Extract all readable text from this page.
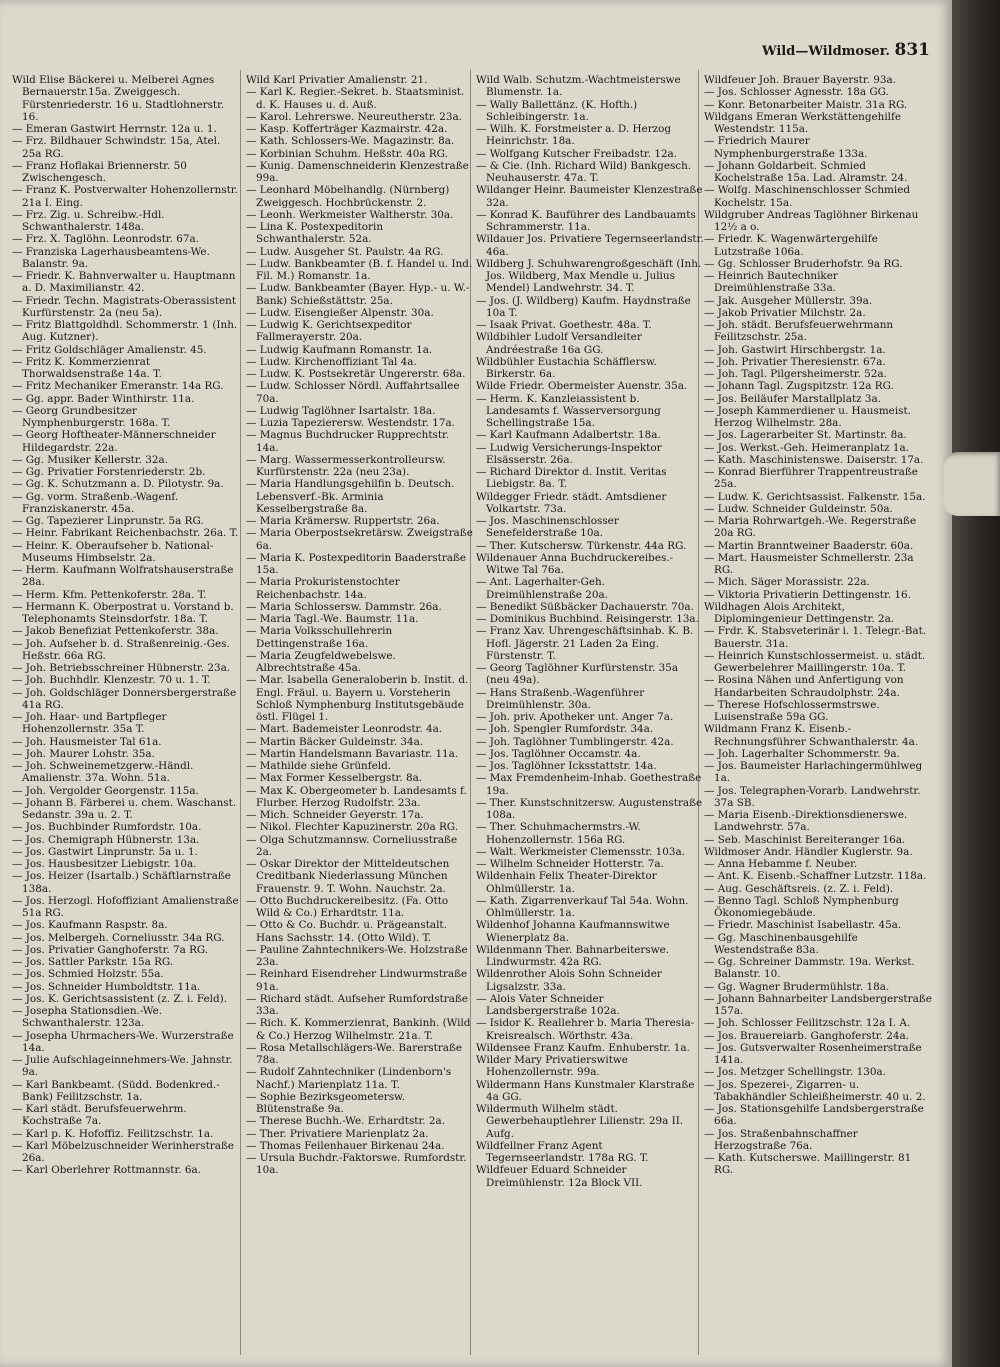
Wild—Wildmoser. 831

Wild Elise Bäckerei u. Melberei Agnes Bernauerstr.15a. Zweiggesch. Fürstenriederstr. 16 u. Stadtlohnerstr. 16.

— Emeran Gastwirt Herrnstr. 12a u. 1.

— Frz. Bildhauer Schwindstr. 15a, Atel. 25a RG.

— Franz Hoflakai Briennerstr. 50 Zwischengesch.

— Franz K. Postverwalter Hohenzollernstr. 21a I. Eing.

— Frz. Zig. u. Schreibw.-Hdl. Schwanthalerstr. 148a.

— Frz. X. Taglöhn. Leonrodstr. 67a.

— Franziska Lagerhausbeamtens-We. Balanstr. 9a.

— Friedr. K. Bahnverwalter u. Hauptmann a. D. Maximilianstr. 42.

— Friedr. Techn. Magistrats-Oberassistent Kurfürstenstr. 2a (neu 5a).

— Fritz Blattgoldhdl. Schommerstr. 1 (Inh. Aug. Kutzner).

— Fritz Goldschläger Amalienstr. 45.

— Fritz K. Kommerzienrat Thorwaldsenstraße 14a. T.

— Fritz Mechaniker Emeranstr. 14a RG.

— Gg. appr. Bader Winthirstr. 11a.

— Georg Grundbesitzer Nymphenburgerstr. 168a. T.

— Georg Hoftheater-Männerschneider Hildegardstr. 22a.

— Gg. Musiker Kellerstr. 32a.

— Gg. Privatier Forstenriederstr. 2b.

— Gg. K. Schutzmann a. D. Pilotystr. 9a.

— Gg. vorm. Straßenb.-Wagenf. Franziskanerstr. 45a.

— Gg. Tapezierer Linprunstr. 5a RG.

— Heinr. Fabrikant Reichenbachstr. 26a. T.

— Heinr. K. Oberaufseher b. National-Museums Himbselstr. 2a.

— Herm. Kaufmann Wolfratshauserstraße 28a.

— Herm. Kfm. Pettenkoferstr. 28a. T.

— Hermann K. Oberpostrat u. Vorstand b. Telephonamts Steinsdorfstr. 18a. T.

— Jakob Benefiziat Pettenkoferstr. 38a.

— Joh. Aufseher b. d. Straßenreinig.-Ges. Heßstr. 66a RG.

— Joh. Betriebsschreiner Hübnerstr. 23a.

— Joh. Buchhdlr. Klenzestr. 70 u. 1. T.

— Joh. Goldschläger Donnersbergerstraße 41a RG.

— Joh. Haar- und Bartpfleger Hohenzollernstr. 35a T.

— Joh. Hausmeister Tal 61a.

— Joh. Maurer Lohstr. 35a.

— Joh. Schweinemetzgerw.-Händl. Amalienstr. 37a. Wohn. 51a.

— Joh. Vergolder Georgenstr. 115a.

— Johann B. Färberei u. chem. Waschanst. Sedanstr. 39a u. 2. T.

— Jos. Buchbinder Rumfordstr. 10a.

— Jos. Chemigraph Hübnerstr. 13a.

— Jos. Gastwirt Linprunstr. 5a u. 1.

— Jos. Hausbesitzer Liebigstr. 10a.

— Jos. Heizer (Isartalb.) Schäftlarnstraße 138a.

— Jos. Herzogl. Hofoffiziant Amalienstraße 51a RG.

— Jos. Kaufmann Raspstr. 8a.

— Jos. Melbergeh. Corneliusstr. 34a RG.

— Jos. Privatier Ganghoferstr. 7a RG.

— Jos. Sattler Parkstr. 15a RG.

— Jos. Schmied Holzstr. 55a.

— Jos. Schneider Humboldtstr. 11a.

— Jos. K. Gerichtsassistent (z. Z. i. Feld).

— Josepha Stationsdien.-We. Schwanthalerstr. 123a.

— Josepha Uhrmachers-We. Wurzerstraße 14a.

— Julie Aufschlageinnehmers-We. Jahnstr. 9a.

— Karl Bankbeamt. (Südd. Bodenkred.-Bank) Feilitzschstr. 1a.

— Karl städt. Berufsfeuerwehrm. Kochstraße 7a.

— Karl p. K. Hofoffiz. Feilitzschstr. 1a.

— Karl Möbelzuschneider Werinherstraße 26a.

— Karl Oberlehrer Rottmannstr. 6a.

Wild Karl Privatier Amalienstr. 21.

— Karl K. Regier.-Sekret. b. Staatsminist. d. K. Hauses u. d. Auß.

— Karol. Lehrerswe. Neureutherstr. 23a.

— Kasp. Kofferträger Kazmairstr. 42a.

— Kath. Schlossers-We. Magazinstr. 8a.

— Korbinian Schuhm. Heßstr. 40a RG.

— Kunig. Damenschneiderin Klenzestraße 99a.

— Leonhard Möbelhandlg. (Nürnberg) Zweiggesch. Hochbrückenstr. 2.

— Leonh. Werkmeister Waltherstr. 30a.

— Lina K. Postexpeditorin Schwanthalerstr. 52a.

— Ludw. Ausgeher St. Paulstr. 4a RG.

— Ludw. Bankbeamter (B. f. Handel u. Ind. Fil. M.) Romanstr. 1a.

— Ludw. Bankbeamter (Bayer. Hyp.- u. W.-Bank) Schießstättstr. 25a.

— Ludw. Eisengießer Alpenstr. 30a.

— Ludwig K. Gerichtsexpeditor Fallmerayerstr. 20a.

— Ludwig Kaufmann Romanstr. 1a.

— Ludw. Kirchenoffiziant Tal 4a.

— Ludw. K. Postsekretär Ungererstr. 68a.

— Ludw. Schlosser Nördl. Auffahrtsallee 70a.

— Ludwig Taglöhner Isartalstr. 18a.

— Luzia Tapezierersw. Westendstr. 17a.

— Magnus Buchdrucker Rupprechtstr. 14a.

— Marg. Wassermesserkontrolleursw. Kurfürstenstr. 22a (neu 23a).

— Maria Handlungsgehilfin b. Deutsch. Lebensverf.-Bk. Arminia Kesselbergstraße 8a.

— Maria Krämersw. Ruppertstr. 26a.

— Maria Oberpostsekretärsw. Zweigstraße 6a.

— Maria K. Postexpeditorin Baaderstraße 15a.

— Maria Prokuristenstochter Reichenbachstr. 14a.

— Maria Schlossersw. Dammstr. 26a.

— Maria Tagl.-We. Baumstr. 11a.

— Maria Volksschullehrerin Dettingenstraße 16a.

— Maria Zeugfeldwebelswe. Albrechtstraße 45a.

— Mar. Isabella Generaloberin b. Instit. d. Engl. Fräul. u. Bayern u. Vorsteherin Schloß Nymphenburg Institutsgebäude östl. Flügel 1.

— Mart. Bademeister Leonrodstr. 4a.

— Martin Bäcker Guldeinstr. 34a.

— Martin Handelsmann Bavariastr. 11a.

— Mathilde siehe Grünfeld.

— Max Former Kesselbergstr. 8a.

— Max K. Obergeometer b. Landesamts f. Flurber. Herzog Rudolfstr. 23a.

— Mich. Schneider Geyerstr. 17a.

— Nikol. Flechter Kapuzinerstr. 20a RG.

— Olga Schutzmannsw. Corneliusstraße 2a.

— Oskar Direktor der Mitteldeutschen Creditbank Niederlassung München Frauenstr. 9. T. Wohn. Nauchstr. 2a.

— Otto Buchdruckereibesitz. (Fa. Otto Wild & Co.) Erhardtstr. 11a.

— Otto & Co. Buchdr. u. Prägeanstalt. Hans Sachsstr. 14. (Otto Wild). T.

— Pauline Zahntechnikers-We. Holzstraße 23a.

— Reinhard Eisendreher Lindwurmstraße 91a.

— Richard städt. Aufseher Rumfordstraße 33a.

— Rich. K. Kommerzienrat, Bankinh. (Wild & Co.) Herzog Wilhelmstr. 21a. T.

— Rosa Metallschlägers-We. Barerstraße 78a.

— Rudolf Zahntechniker (Lindenborn's Nachf.) Marienplatz 11a. T.

— Sophie Bezirksgeometersw. Blütenstraße 9a.

— Therese Buchh.-We. Erhardtstr. 2a.

— Ther. Privatiere Marienplatz 2a.

— Thomas Feilenhauer Birkenau 24a.

— Ursula Buchdr.-Faktorswe. Rumfordstr. 10a.

Wild Walb. Schutzm.-Wachtmeisterswe Blumenstr. 1a.

— Wally Ballettänz. (K. Hofth.) Schleibingerstr. 1a.

— Wilh. K. Forstmeister a. D. Herzog Heinrichstr. 18a.

— Wolfgang Kutscher Freibadstr. 12a.

— & Cie. (Inh. Richard Wild) Bankgesch. Neuhauserstr. 47a. T.

Wildanger Heinr. Baumeister Klenzestraße 32a.

— Konrad K. Bauführer des Landbauamts Schrammerstr. 11a.

Wildauer Jos. Privatiere Tegernseerlandstr. 46a.

Wildberg J. Schuhwarengroßgeschäft (Inh. Jos. Wildberg, Max Mendle u. Julius Mendel) Landwehrstr. 34. T.

— Jos. (J. Wildberg) Kaufm. Haydnstraße 10a T.

— Isaak Privat. Goethestr. 48a. T.

Wildbihler Ludolf Versandleiter Andréestraße 16a GG.

Wildbühler Eustachia Schäfflersw. Birkerstr. 6a.

Wilde Friedr. Obermeister Auenstr. 35a.

— Herm. K. Kanzleiassistent b. Landesamts f. Wasserversorgung Schellingstraße 15a.

— Karl Kaufmann Adalbertstr. 18a.

— Ludwig Versicherungs-Inspektor Elsässerstr. 26a.

— Richard Direktor d. Instit. Veritas Liebigstr. 8a. T.

Wildegger Friedr. städt. Amtsdiener Volkartstr. 73a.

— Jos. Maschinenschlosser Senefelderstraße 10a.

— Ther. Kutschersw. Türkenstr. 44a RG.

Wildenauer Anna Buchdruckereibes.-Witwe Tal 76a.

— Ant. Lagerhalter-Geh. Dreimühlenstraße 20a.

— Benedikt Süßbäcker Dachauerstr. 70a.

— Dominikus Buchbind. Reisingerstr. 13a.

— Franz Xav. Uhrengeschäftsinhab. K. B. Hofl. Jägerstr. 21 Laden 2a Eing. Fürstenstr. T.

— Georg Taglöhner Kurfürstenstr. 35a (neu 49a).

— Hans Straßenb.-Wagenführer Dreimühlenstr. 30a.

— Joh. priv. Apotheker unt. Anger 7a.

— Joh. Spengler Rumfordstr. 34a.

— Joh. Taglöhner Tumblingerstr. 42a.

— Jos. Taglöhner Occamstr. 4a.

— Jos. Taglöhner Icksstattstr. 14a.

— Max Fremdenheim-Inhab. Goethestraße 19a.

— Ther. Kunstschnitzersw. Augustenstraße 108a.

— Ther. Schuhmachermstrs.-W. Hohenzollernstr. 156a RG.

— Walt. Werkmeister Clemensstr. 103a.

— Wilhelm Schneider Hotterstr. 7a.

Wildenhain Felix Theater-Direktor Ohlmüllerstr. 1a.

— Kath. Zigarrenverkauf Tal 54a. Wohn. Ohlmüllerstr. 1a.

Wildenhof Johanna Kaufmannswitwe Wienerplatz 8a.

Wildenmann Ther. Bahnarbeiterswe. Lindwurmstr. 42a RG.

Wildenrother Alois Sohn Schneider Ligsalzstr. 33a.

— Alois Vater Schneider Landsbergerstraße 102a.

— Isidor K. Reallehrer b. Maria Theresia-Kreisrealsch. Wörthstr. 43a.

Wildensee Franz Kaufm. Enhuberstr. 1a.

Wilder Mary Privatierswitwe Hohenzollernstr. 99a.

Wildermann Hans Kunstmaler Klarstraße 4a GG.

Wildermuth Wilhelm städt. Gewerbehauptlehrer Lilienstr. 29a II. Aufg.

Wildfellner Franz Agent Tegernseerlandstr. 178a RG. T.

Wildfeuer Eduard Schneider Dreimühlenstr. 12a Block VII.

Wildfeuer Joh. Brauer Bayerstr. 93a.

— Jos. Schlosser Agnesstr. 18a GG.

— Konr. Betonarbeiter Maistr. 31a RG.

Wildgans Emeran Werkstättengehilfe Westendstr. 115a.

— Friedrich Maurer Nymphenburgerstraße 133a.

— Johann Goldarbeit. Schmied Kochelstraße 15a. Lad. Alramstr. 24.

— Wolfg. Maschinenschlosser Schmied Kochelstr. 15a.

Wildgruber Andreas Taglöhner Birkenau 12½ a o.

— Friedr. K. Wagenwärtergehilfe Lutzstraße 106a.

— Gg. Schlosser Bruderhofstr. 9a RG.

— Heinrich Bautechniker Dreimühlenstraße 33a.

— Jak. Ausgeher Müllerstr. 39a.

— Jakob Privatier Milchstr. 2a.

— Joh. städt. Berufsfeuerwehrmann Feilitzschstr. 25a.

— Joh. Gastwirt Hirschbergstr. 1a.

— Joh. Privatier Theresienstr. 67a.

— Joh. Tagl. Pilgersheimerstr. 52a.

— Johann Tagl. Zugspitzstr. 12a RG.

— Jos. Beiläufer Marstallplatz 3a.

— Joseph Kammerdiener u. Hausmeist. Herzog Wilhelmstr. 28a.

— Jos. Lagerarbeiter St. Martinstr. 8a.

— Jos. Werkst.-Geh. Heimeranplatz 1a.

— Kath. Maschinistenswe. Daiserstr. 17a.

— Konrad Bierführer Trappentreustraße 25a.

— Ludw. K. Gerichtsassist. Falkenstr. 15a.

— Ludw. Schneider Guldeinstr. 50a.

— Maria Rohrwartgeh.-We. Regerstraße 20a RG.

— Martin Branntweiner Baaderstr. 60a.

— Mart. Hausmeister Schmellerstr. 23a RG.

— Mich. Säger Morassistr. 22a.

— Viktoria Privatierin Dettingenstr. 16.

Wildhagen Alois Architekt, Diplomingenieur Dettingenstr. 2a.

— Frdr. K. Stabsveterinär i. 1. Telegr.-Bat. Bauerstr. 31a.

— Heinrich Kunstschlossermeist. u. städt. Gewerbelehrer Maillingerstr. 10a. T.

— Rosina Nähen und Anfertigung von Handarbeiten Schraudolphstr. 24a.

— Therese Hofschlossermstrswe. Luisenstraße 59a GG.

Wildmann Franz K. Eisenb.-Rechnungsführer Schwanthalerstr. 4a.

— Joh. Lagerhalter Schommerstr. 9a.

— Jos. Baumeister Harlachingermühlweg 1a.

— Jos. Telegraphen-Vorarb. Landwehrstr. 37a SB.

— Maria Eisenb.-Direktionsdienerswe. Landwehrstr. 57a.

— Seb. Maschinist Bereiteranger 16a.

Wildmoser Andr. Händler Kuglerstr. 9a.

— Anna Hebamme f. Neuber.

— Ant. K. Eisenb.-Schaffner Lutzstr. 118a.

— Aug. Geschäftsreis. (z. Z. i. Feld).

— Benno Tagl. Schloß Nymphenburg Ökonomiegebäude.

— Friedr. Maschinist Isabellastr. 45a.

— Gg. Maschinenbausgehilfe Westendstraße 83a.

— Gg. Schreiner Dammstr. 19a. Werkst. Balanstr. 10.

— Gg. Wagner Brudermühlstr. 18a.

— Johann Bahnarbeiter Landsbergerstraße 157a.

— Joh. Schlosser Feilitzschstr. 12a I. A.

— Jos. Brauereiarb. Ganghoferstr. 24a.

— Jos. Gutsverwalter Rosenheimerstraße 141a.

— Jos. Metzger Schellingstr. 130a.

— Jos. Spezerei-, Zigarren- u. Tabakhändler Schleißheimerstr. 40 u. 2.

— Jos. Stationsgehilfe Landsbergerstraße 66a.

— Jos. Straßenbahnschaffner Herzogstraße 76a.

— Kath. Kutscherswe. Maillingerstr. 81 RG.
